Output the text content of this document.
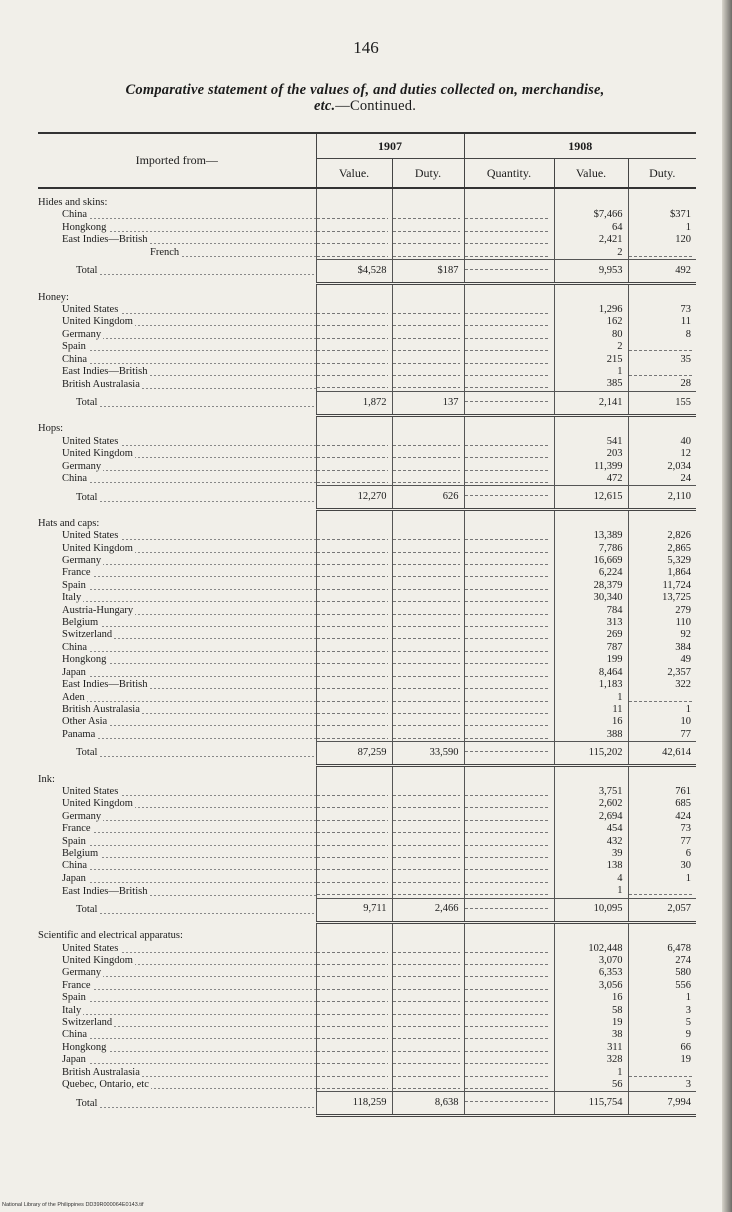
146
Comparative statement of the values of, and duties collected on, merchandise,
etc.—Continued.
Imported from—	1907		1908		
	Value.	Duty.	Quantity.	Value.	Duty.
Hides and skins:					

China				$7,466	$371

Hongkong				64	1

East Indies—British				2,421	120

French				2	

Total	$4,528	$187		9,953	492
Honey:					

United States				1,296	73

United Kingdom				162	11

Germany				80	8

Spain				2	

China				215	35

East Indies—British				1	

British Australasia				385	28

Total	1,872	137		2,141	155
Hops:					

United States				541	40

United Kingdom				203	12

Germany				11,399	2,034

China				472	24

Total	12,270	626		12,615	2,110
Hats and caps:					

United States				13,389	2,826

United Kingdom				7,786	2,865

Germany				16,669	5,329

France				6,224	1,864

Spain				28,379	11,724

Italy				30,340	13,725

Austria-Hungary				784	279

Belgium				313	110

Switzerland				269	92

China				787	384

Hongkong				199	49

Japan				8,464	2,357

East Indies—British				1,183	322

Aden				1	

British Australasia				11	1

Other Asia				16	10

Panama				388	77

Total	87,259	33,590		115,202	42,614
Ink:					

United States				3,751	761

United Kingdom				2,602	685

Germany				2,694	424

France				454	73

Spain				432	77

Belgium				39	6

China				138	30

Japan				4	1

East Indies—British				1	

Total	9,711	2,466		10,095	2,057
Scientific and electrical apparatus:					

United States				102,448	6,478

United Kingdom				3,070	274

Germany				6,353	580

France				3,056	556

Spain				16	1

Italy				58	3

Switzerland				19	5

China				38	9

Hongkong				311	66

Japan				328	19

British Australasia				1	

Quebec, Ontario, etc				56	3

Total	118,259	8,638		115,754	7,994
National Library of the Philippines DD39R000064E0143.tif
